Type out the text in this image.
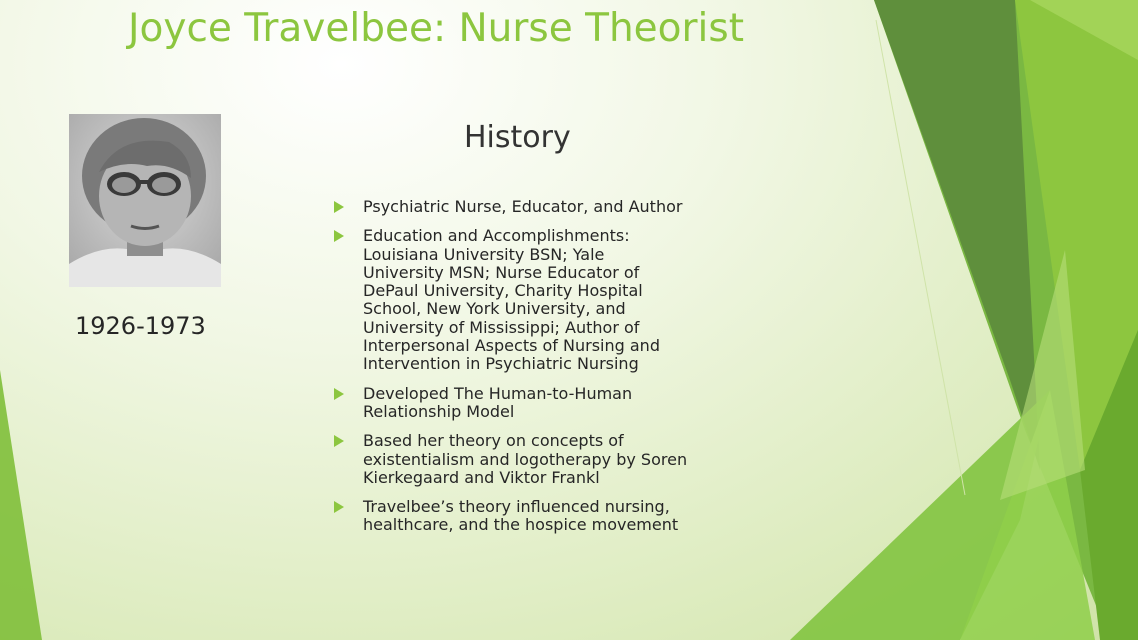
Joyce Travelbee: Nurse Theorist
1926-1973
History
Psychiatric Nurse, Educator, and Author
Education and Accomplishments:
Louisiana University BSN; Yale
University MSN; Nurse Educator of
DePaul University, Charity Hospital
School, New York University, and
University of Mississippi; Author of
Interpersonal Aspects of Nursing and
Intervention in Psychiatric Nursing
Developed The Human-to-Human
Relationship Model
Based her theory on concepts of
existentialism and logotherapy by Soren
Kierkegaard and Viktor Frankl
Travelbee’s theory influenced nursing,
healthcare, and the hospice movement
